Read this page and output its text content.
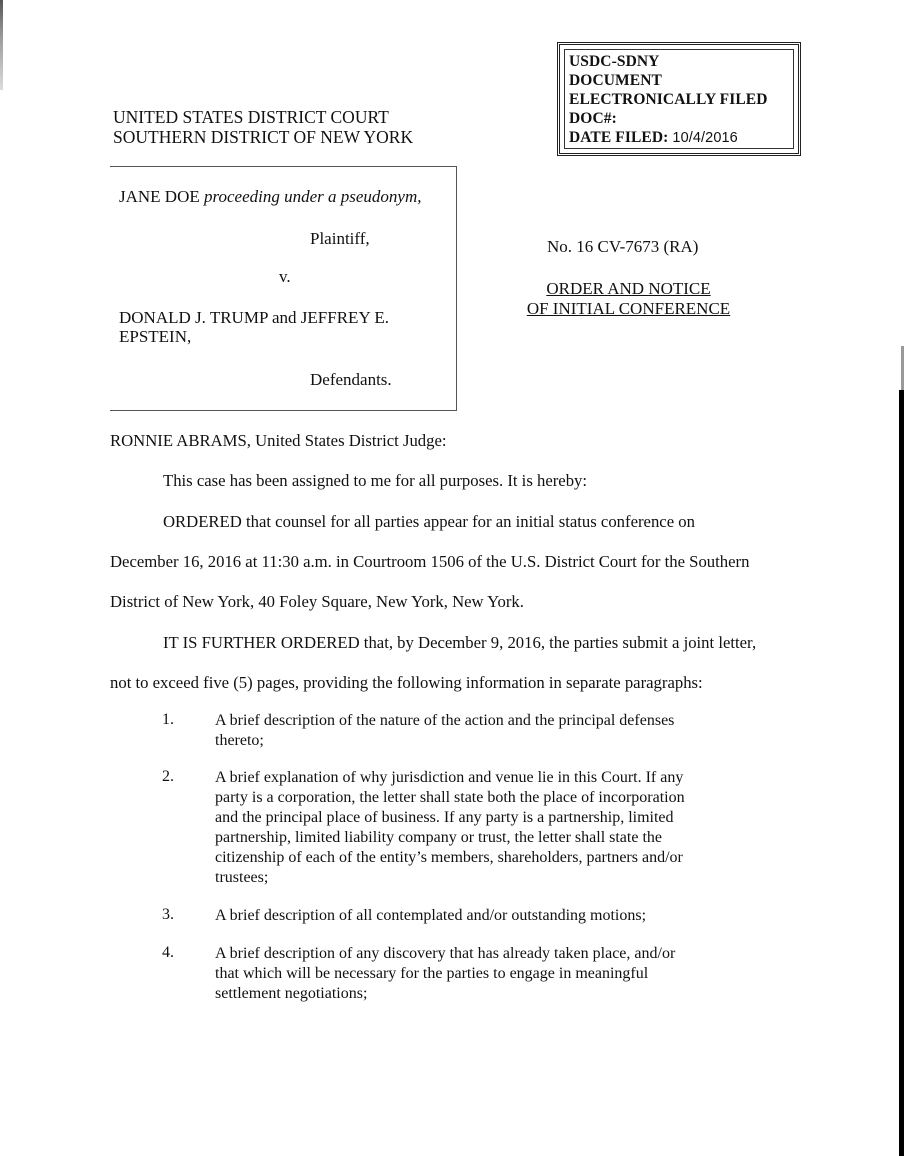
USDC-SDNY
DOCUMENT
ELECTRONICALLY FILED
DOC#:
DATE FILED: 10/4/2016
UNITED STATES DISTRICT COURT
SOUTHERN DISTRICT OF NEW YORK
JANE DOE proceeding under a pseudonym,
Plaintiff,
v.
DONALD J. TRUMP and JEFFREY E.
EPSTEIN,
Defendants.
No. 16 CV-7673 (RA)
ORDER AND NOTICE
OF INITIAL CONFERENCE
RONNIE ABRAMS, United States District Judge:
This case has been assigned to me for all purposes. It is hereby:
ORDERED that counsel for all parties appear for an initial status conference on
December 16, 2016 at 11:30 a.m. in Courtroom 1506 of the U.S. District Court for the Southern
District of New York, 40 Foley Square, New York, New York.
IT IS FURTHER ORDERED that, by December 9, 2016, the parties submit a joint letter,
not to exceed five (5) pages, providing the following information in separate paragraphs:
1.	A brief description of the nature of the action and the principal defenses
thereto;
2.	A brief explanation of why jurisdiction and venue lie in this Court. If any
party is a corporation, the letter shall state both the place of incorporation
and the principal place of business. If any party is a partnership, limited
partnership, limited liability company or trust, the letter shall state the
citizenship of each of the entity’s members, shareholders, partners and/or
trustees;
3.	A brief description of all contemplated and/or outstanding motions;
4.	A brief description of any discovery that has already taken place, and/or
that which will be necessary for the parties to engage in meaningful
settlement negotiations;
